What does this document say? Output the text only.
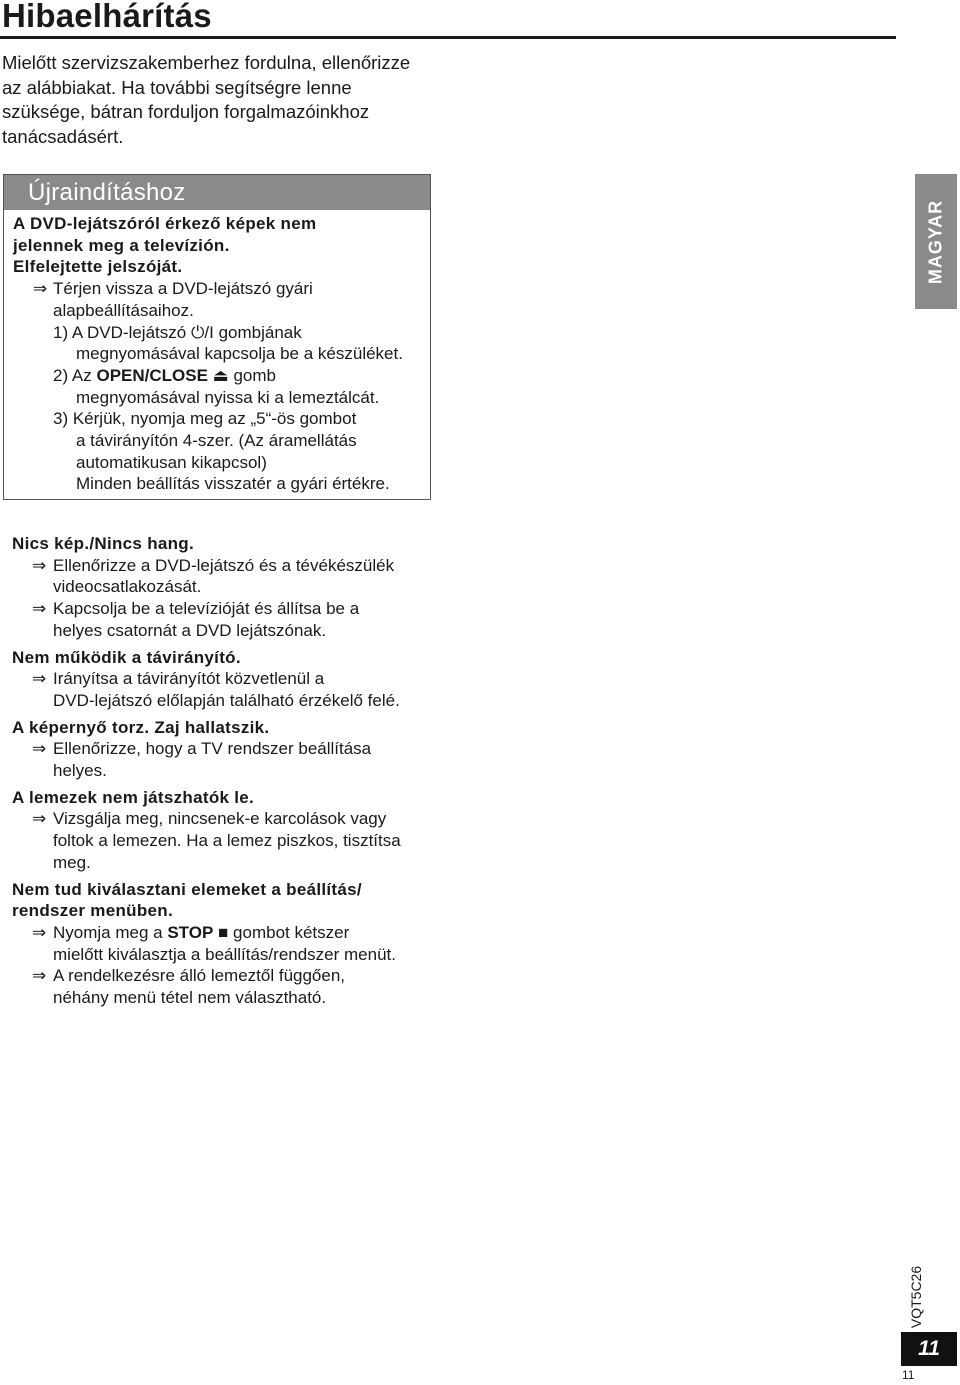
Hibaelhárítás
Mielőtt szervizszakemberhez fordulna, ellenőrizze
az alábbiakat. Ha további segítségre lenne
szüksége, bátran forduljon forgalmazóinkhoz
tanácsadásért.
Újraindításhoz
A DVD-lejátszóról érkező képek nem
jelennek meg a televízión.
Elfelejtette jelszóját.
⇒ Térjen vissza a DVD-lejátszó gyári
alapbeállításaihoz.
1) A DVD-lejátszó ⏻/I gombjának
megnyomásával kapcsolja be a készüléket.
2) Az OPEN/CLOSE ⏏ gomb
megnyomásával nyissa ki a lemeztálcát.
3) Kérjük, nyomja meg az „5“-ös gombot
a távirányítón 4-szer. (Az áramellátás
automatikusan kikapcsol)
Minden beállítás visszatér a gyári értékre.
Nics kép./Nincs hang.
⇒ Ellenőrizze a DVD-lejátszó és a tévékészülék
videocsatlakozását.
⇒ Kapcsolja be a televízióját és állítsa be a
helyes csatornát a DVD lejátszónak.
Nem működik a távirányító.
⇒ Irányítsa a távirányítót közvetlenül a
DVD-lejátszó előlapján található érzékelő felé.
A képernyő torz. Zaj hallatszik.
⇒ Ellenőrizze, hogy a TV rendszer beállítása
helyes.
A lemezek nem játszhatók le.
⇒ Vizsgálja meg, nincsenek-e karcolások vagy
foltok a lemezen. Ha a lemez piszkos, tisztítsa
meg.
Nem tud kiválasztani elemeket a beállítás/
rendszer menüben.
⇒ Nyomja meg a STOP ■ gombot kétszer
mielőtt kiválasztja a beállítás/rendszer menüt.
⇒ A rendelkezésre álló lemeztől függően,
néhány menü tétel nem választható.
MAGYAR
VQT5C26
11
11
